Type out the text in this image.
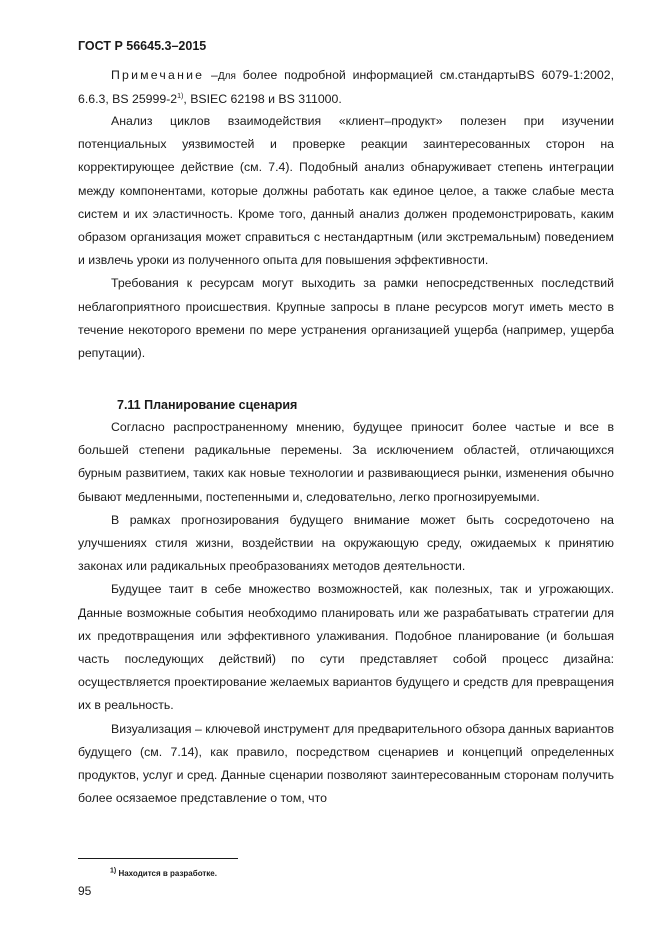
ГОСТ Р 56645.3–2015

Примечание –Для более подробной информацией см.стандартыBS 6079-1:2002, 6.6.3, BS 25999-2$^{1)}$, BSIEC 62198 и BS 311000.

Анализ циклов взаимодействия «клиент–продукт» полезен при изучении потенциальных уязвимостей и проверке реакции заинтересованных сторон на корректирующее действие (см. 7.4). Подобный анализ обнаруживает степень интеграции между компонентами, которые должны работать как единое целое, а также слабые места систем и их эластичность. Кроме того, данный анализ должен продемонстрировать, каким образом организация может справиться с нестандартным (или экстремальным) поведением и извлечь уроки из полученного опыта для повышения эффективности.

Требования к ресурсам могут выходить за рамки непосредственных последствий неблагоприятного происшествия. Крупные запросы в плане ресурсов могут иметь место в течение некоторого времени по мере устранения организацией ущерба (например, ущерба репутации).

7.11 Планирование сценария

Согласно распространенному мнению, будущее приносит более частые и все в большей степени радикальные перемены. За исключением областей, отличающихся бурным развитием, таких как новые технологии и развивающиеся рынки, изменения обычно бывают медленными, постепенными и, следовательно, легко прогнозируемыми.

В рамках прогнозирования будущего внимание может быть сосредоточено на улучшениях стиля жизни, воздействии на окружающую среду, ожидаемых к принятию законах или радикальных преобразованиях методов деятельности.

Будущее таит в себе множество возможностей, как полезных, так и угрожающих. Данные возможные события необходимо планировать или же разрабатывать стратегии для их предотвращения или эффективного улаживания. Подобное планирование (и большая часть последующих действий) по сути представляет собой процесс дизайна: осуществляется проектирование желаемых вариантов будущего и средств для превращения их в реальность.

Визуализация – ключевой инструмент для предварительного обзора данных вариантов будущего (см. 7.14), как правило, посредством сценариев и концепций определенных продуктов, услуг и сред. Данные сценарии позволяют заинтересованным сторонам получить более осязаемое представление о том, что

$^{1)}$ Находится в разработке.
95
